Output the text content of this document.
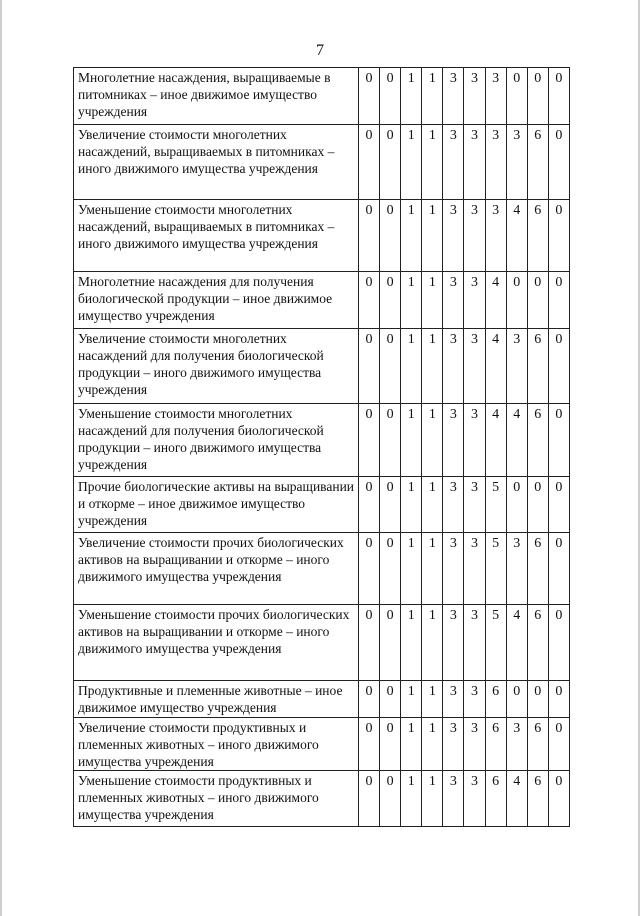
7
Многолетние насаждения, выращиваемые в питомниках – иное движимое имущество учреждения	0	0	1	1	3	3	3	0	0	0
Увеличение стоимости многолетних насаждений, выращиваемых в питомниках – иного движимого имущества учреждения	0	0	1	1	3	3	3	3	6	0
Уменьшение стоимости многолетних насаждений, выращиваемых в питомниках – иного движимого имущества учреждения	0	0	1	1	3	3	3	4	6	0
Многолетние насаждения для получения биологической продукции – иное движимое имущество учреждения	0	0	1	1	3	3	4	0	0	0
Увеличение стоимости многолетних насаждений для получения биологической продукции – иного движимого имущества учреждения	0	0	1	1	3	3	4	3	6	0
Уменьшение стоимости многолетних насаждений для получения биологической продукции – иного движимого имущества учреждения	0	0	1	1	3	3	4	4	6	0
Прочие биологические активы на выращивании и откорме – иное движимое имущество учреждения	0	0	1	1	3	3	5	0	0	0
Увеличение стоимости прочих биологических активов на выращивании и откорме – иного движимого имущества учреждения	0	0	1	1	3	3	5	3	6	0
Уменьшение стоимости прочих биологических активов на выращивании и откорме – иного движимого имущества учреждения	0	0	1	1	3	3	5	4	6	0
Продуктивные и племенные животные – иное движимое имущество учреждения	0	0	1	1	3	3	6	0	0	0
Увеличение стоимости продуктивных и племенных животных – иного движимого имущества учреждения	0	0	1	1	3	3	6	3	6	0
Уменьшение стоимости продуктивных и племенных животных – иного движимого имущества учреждения	0	0	1	1	3	3	6	4	6	0
